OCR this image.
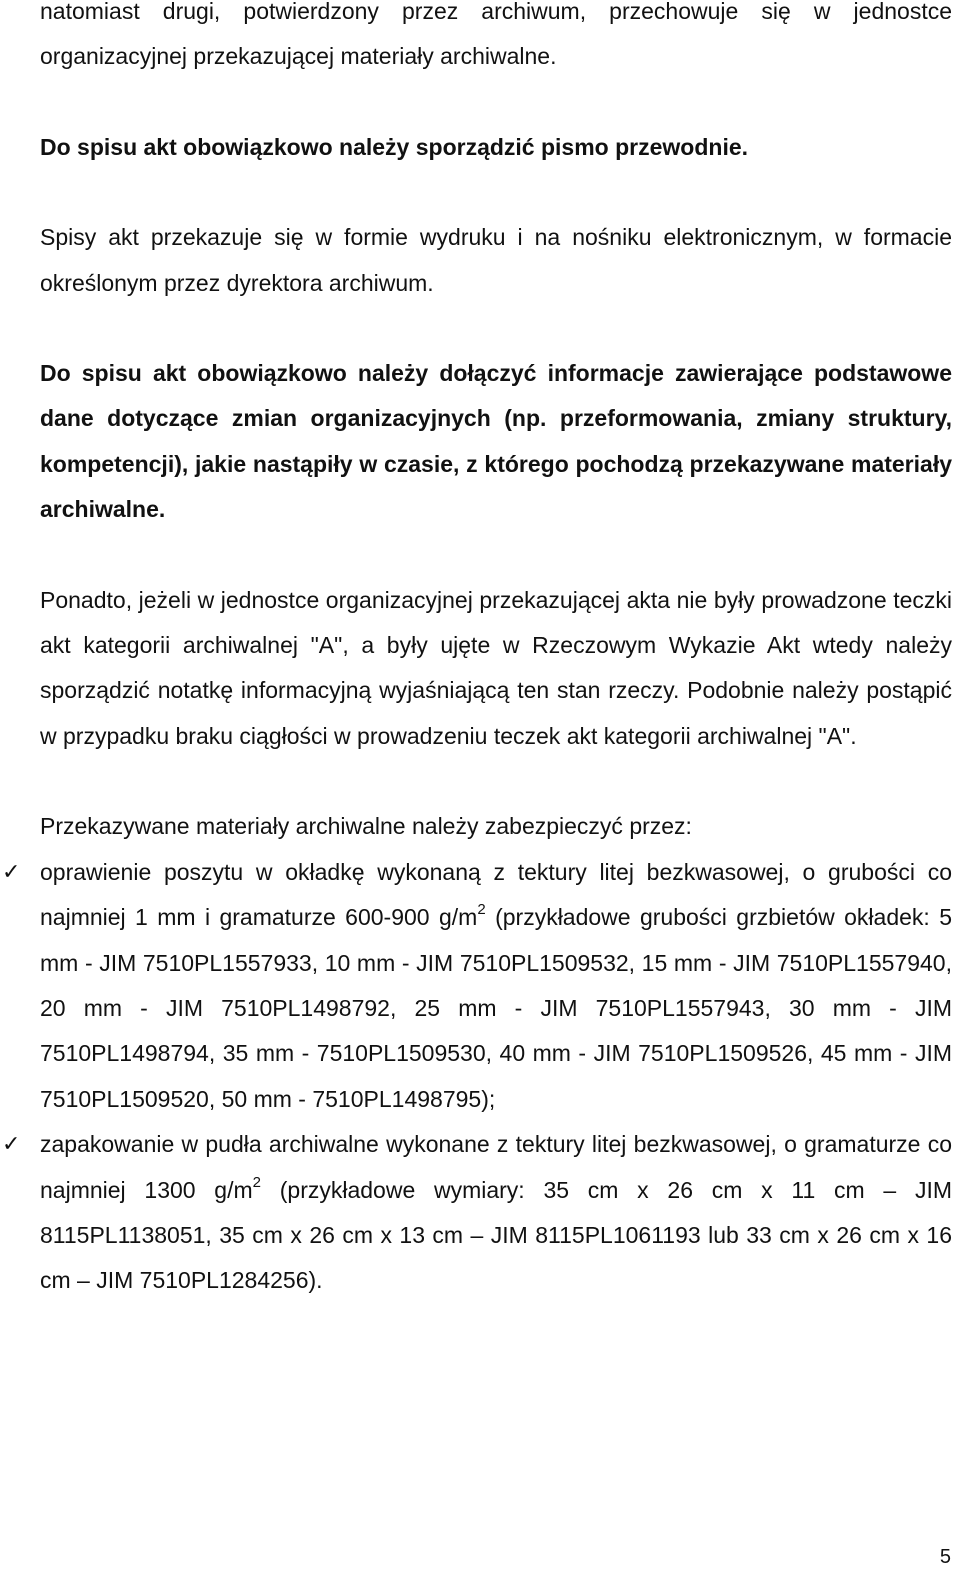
natomiast drugi, potwierdzony przez archiwum, przechowuje się w jednostce organizacyjnej przekazującej materiały archiwalne.

Do spisu akt obowiązkowo należy sporządzić pismo przewodnie.

Spisy akt przekazuje się w formie wydruku i na nośniku elektronicznym, w formacie określonym przez dyrektora archiwum.

Do spisu akt obowiązkowo należy dołączyć informacje zawierające podstawowe dane dotyczące zmian organizacyjnych (np. przeformowania, zmiany struktury, kompetencji), jakie nastąpiły w czasie, z którego pochodzą przekazywane materiały archiwalne.

Ponadto, jeżeli w jednostce organizacyjnej przekazującej akta nie były prowadzone teczki akt kategorii archiwalnej "A", a były ujęte w Rzeczowym Wykazie Akt wtedy należy sporządzić notatkę informacyjną wyjaśniającą ten stan rzeczy. Podobnie należy postąpić w przypadku braku ciągłości w prowadzeniu teczek akt kategorii archiwalnej "A".

Przekazywane materiały archiwalne należy zabezpieczyć przez:

✓ oprawienie poszytu w okładkę wykonaną z tektury litej bezkwasowej, o grubości co najmniej 1 mm i gramaturze 600-900 $g/m^2$ (przykładowe grubości grzbietów okładek: 5 mm - JIM 7510PL1557933, 10 mm - JIM 7510PL1509532, 15 mm - JIM 7510PL1557940, 20 mm - JIM 7510PL1498792, 25 mm - JIM 7510PL1557943, 30 mm - JIM 7510PL1498794, 35 mm - 7510PL1509530, 40 mm - JIM 7510PL1509526, 45 mm - JIM 7510PL1509520, 50 mm - 7510PL1498795);
✓ zapakowanie w pudła archiwalne wykonane z tektury litej bezkwasowej, o gramaturze co najmniej 1300 $g/m^2$ (przykładowe wymiary: 35 cm x 26 cm x 11 cm – JIM 8115PL1138051, 35 cm x 26 cm x 13 cm – JIM 8115PL1061193 lub 33 cm x 26 cm x 16 cm – JIM 7510PL1284256).
5
